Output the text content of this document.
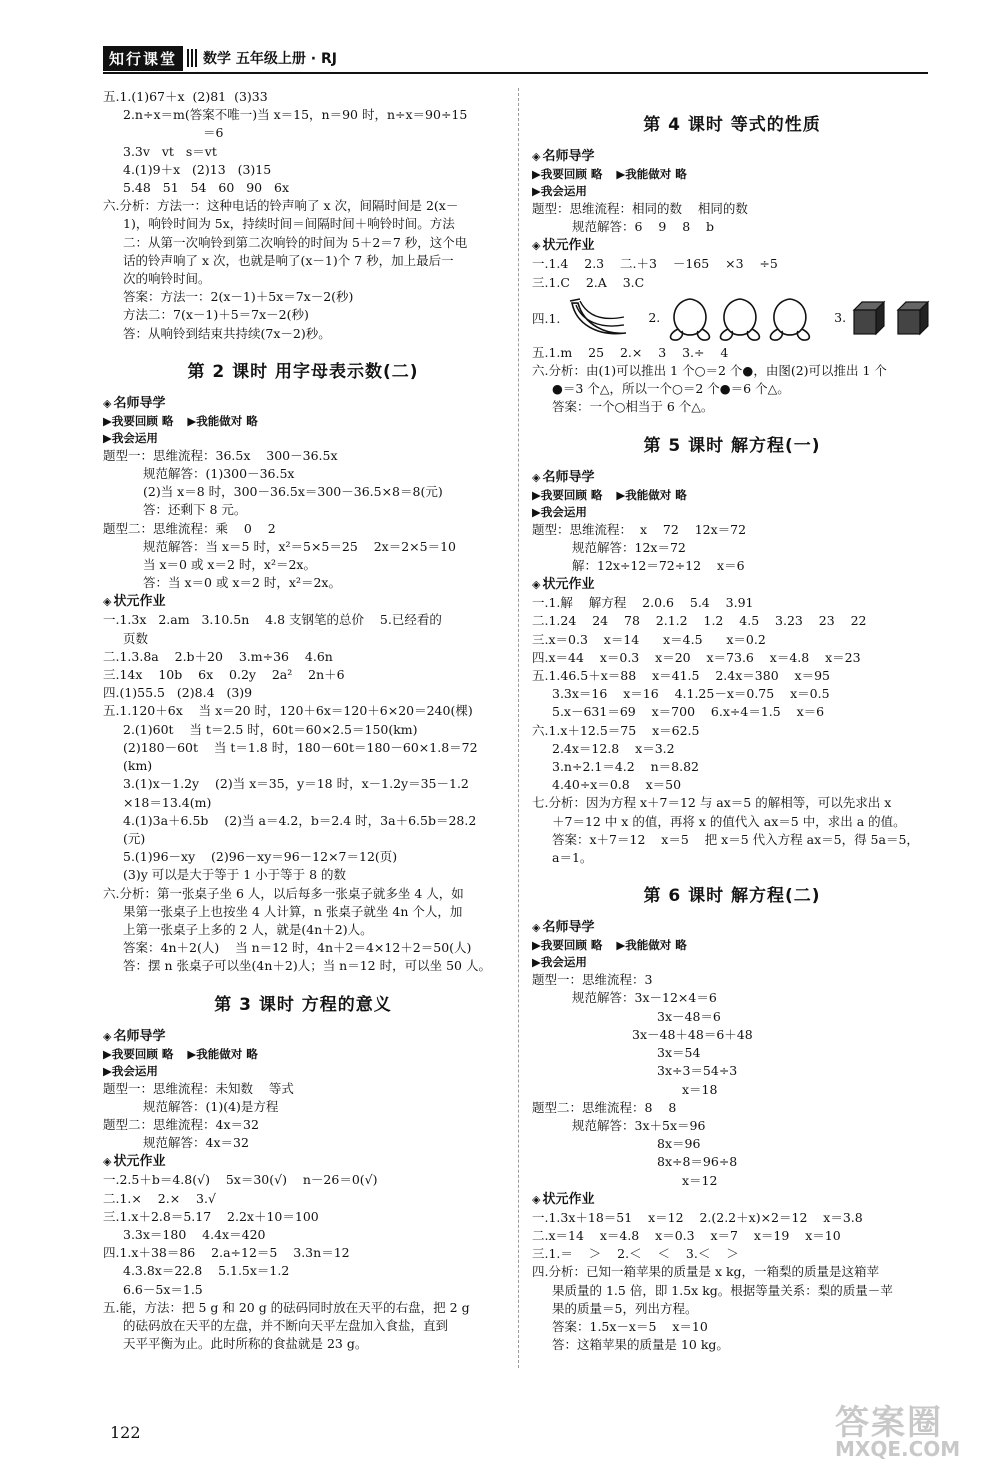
知行课堂	数学 五年级上册 · RJ
五.1.(1)67＋x  (2)81  (3)33
2.n÷x＝m(答案不唯一)当 x＝15，n＝90 时，n÷x＝90÷15
＝6
3.3v   vt   s＝vt
4.(1)9＋x   (2)13   (3)15
5.48   51   54   60   90   6x
六.分析：方法一：这种电话的铃声响了 x 次，间隔时间是 2(x－
1)，响铃时间为 5x，持续时间＝间隔时间＋响铃时间。方法
二：从第一次响铃到第二次响铃的时间为 5＋2＝7 秒，这个电
话的铃声响了 x 次，也就是响了(x－1)个 7 秒，加上最后一
次的响铃时间。
答案：方法一：2(x－1)＋5x＝7x－2(秒)
方法二：7(x－1)＋5＝7x－2(秒)
答：从响铃到结束共持续(7x－2)秒。
第 2 课时 用字母表示数(二)
◈ 名师导学
▶我要回顾 略 ▶我能做对 略
▶我会运用
题型一：思维流程：36.5x    300－36.5x
规范解答：(1)300－36.5x
(2)当 x＝8 时，300－36.5x＝300－36.5×8＝8(元)
答：还剩下 8 元。
题型二：思维流程：乘    0    2
规范解答：当 x＝5 时，x²＝5×5＝25    2x＝2×5＝10
当 x＝0 或 x＝2 时，x²＝2x。
答：当 x＝0 或 x＝2 时，x²＝2x。
◈ 状元作业
一.1.3x   2.am   3.10.5n    4.8 支钢笔的总价    5.已经看的
页数
二.1.3.8a    2.b＋20    3.m÷36    4.6n
三.14x    10b    6x    0.2y    2a²    2n＋6
四.(1)55.5   (2)8.4   (3)9
五.1.120＋6x    当 x＝20 时，120＋6x＝120＋6×20＝240(棵)
2.(1)60t    当 t＝2.5 时，60t＝60×2.5＝150(km)
(2)180－60t    当 t＝1.8 时，180－60t＝180－60×1.8＝72
(km)
3.(1)x－1.2y    (2)当 x＝35，y＝18 时，x－1.2y＝35－1.2
×18＝13.4(m)
4.(1)3a＋6.5b    (2)当 a＝4.2，b＝2.4 时，3a＋6.5b＝28.2
(元)
5.(1)96－xy    (2)96－xy＝96－12×7＝12(页)
(3)y 可以是大于等于 1 小于等于 8 的数
六.分析：第一张桌子坐 6 人，以后每多一张桌子就多坐 4 人，如
果第一张桌子上也按坐 4 人计算，n 张桌子就坐 4n 个人，加
上第一张桌子上多的 2 人，就是(4n＋2)人。
答案：4n＋2(人)    当 n＝12 时，4n＋2＝4×12＋2＝50(人)
答：摆 n 张桌子可以坐(4n＋2)人；当 n＝12 时，可以坐 50 人。
第 3 课时 方程的意义
◈ 名师导学
▶我要回顾 略 ▶我能做对 略
▶我会运用
题型一：思维流程：未知数    等式
规范解答：(1)(4)是方程
题型二：思维流程：4x＝32
规范解答：4x＝32
◈ 状元作业
一.2.5＋b＝4.8(√)    5x＝30(√)    n－26＝0(√)
二.1.×    2.×    3.√
三.1.x＋2.8＝5.17    2.2x＋10＝100
3.3x＝180    4.4x＝420
四.1.x＋38＝86    2.a÷12＝5    3.3n＝12
4.3.8x＝22.8    5.1.5x＝1.2
6.6－5x＝1.5
五.能，方法：把 5 g 和 20 g 的砝码同时放在天平的右盘，把 2 g
的砝码放在天平的左盘，并不断向天平左盘加入食盐，直到
天平平衡为止。此时所称的食盐就是 23 g。
第 4 课时 等式的性质
◈ 名师导学
▶我要回顾 略 ▶我能做对 略
▶我会运用
题型：思维流程：相同的数    相同的数
规范解答：6    9    8    b
◈ 状元作业
一.1.4    2.3    二.＋3    －165    ×3    ÷5
三.1.C    2.A    3.C
四.1.	2.	3.
五.1.m    25    2.×    3    3.÷    4
六.分析：由(1)可以推出 1 个○＝2 个●，由图(2)可以推出 1 个
●＝3 个△，所以一个○＝2 个●＝6 个△。
答案：一个○相当于 6 个△。
第 5 课时 解方程(一)
◈ 名师导学
▶我要回顾 略 ▶我能做对 略
▶我会运用
题型：思维流程：  x    72    12x＝72
规范解答：12x＝72
解：12x÷12＝72÷12    x＝6
◈ 状元作业
一.1.解    解方程    2.0.6    5.4    3.91
二.1.24    24    78    2.1.2    1.2    4.5    3.23    23    22
三.x＝0.3    x＝14      x＝4.5      x＝0.2
四.x＝44    x＝0.3    x＝20    x＝73.6    x＝4.8    x＝23
五.1.46.5＋x＝88    x＝41.5    2.4x＝380    x＝95
3.3x＝16    x＝16    4.1.25－x＝0.75    x＝0.5
5.x－631＝69    x＝700    6.x÷4＝1.5    x＝6
六.1.x＋12.5＝75    x＝62.5
2.4x＝12.8    x＝3.2
3.n÷2.1＝4.2    n＝8.82
4.40÷x＝0.8    x＝50
七.分析：因为方程 x＋7＝12 与 ax＝5 的解相等，可以先求出 x
＋7＝12 中 x 的值，再将 x 的值代入 ax＝5 中，求出 a 的值。
答案：x＋7＝12    x＝5    把 x＝5 代入方程 ax＝5，得 5a＝5，
a＝1。
第 6 课时 解方程(二)
◈ 名师导学
▶我要回顾 略 ▶我能做对 略
▶我会运用
题型一：思维流程：3
规范解答：3x－12×4＝6
3x－48＝6
3x－48＋48＝6＋48
3x＝54
3x÷3＝54÷3
x＝18
题型二：思维流程：8    8
规范解答：3x＋5x＝96
8x＝96
8x÷8＝96÷8
x＝12
◈ 状元作业
一.1.3x＋18＝51    x＝12    2.(2.2＋x)×2＝12    x＝3.8
二.x＝14    x＝4.8    x＝0.3    x＝7    x＝19    x＝10
三.1.＝    ＞    2.＜    ＜    3.＜    ＞
四.分析：已知一箱苹果的质量是 x kg，一箱梨的质量是这箱苹
果质量的 1.5 倍，即 1.5x kg。根据等量关系：梨的质量－苹
果的质量＝5，列出方程。
答案：1.5x－x＝5    x＝10
答：这箱苹果的质量是 10 kg。
122	答案圈
MXQE.COM
